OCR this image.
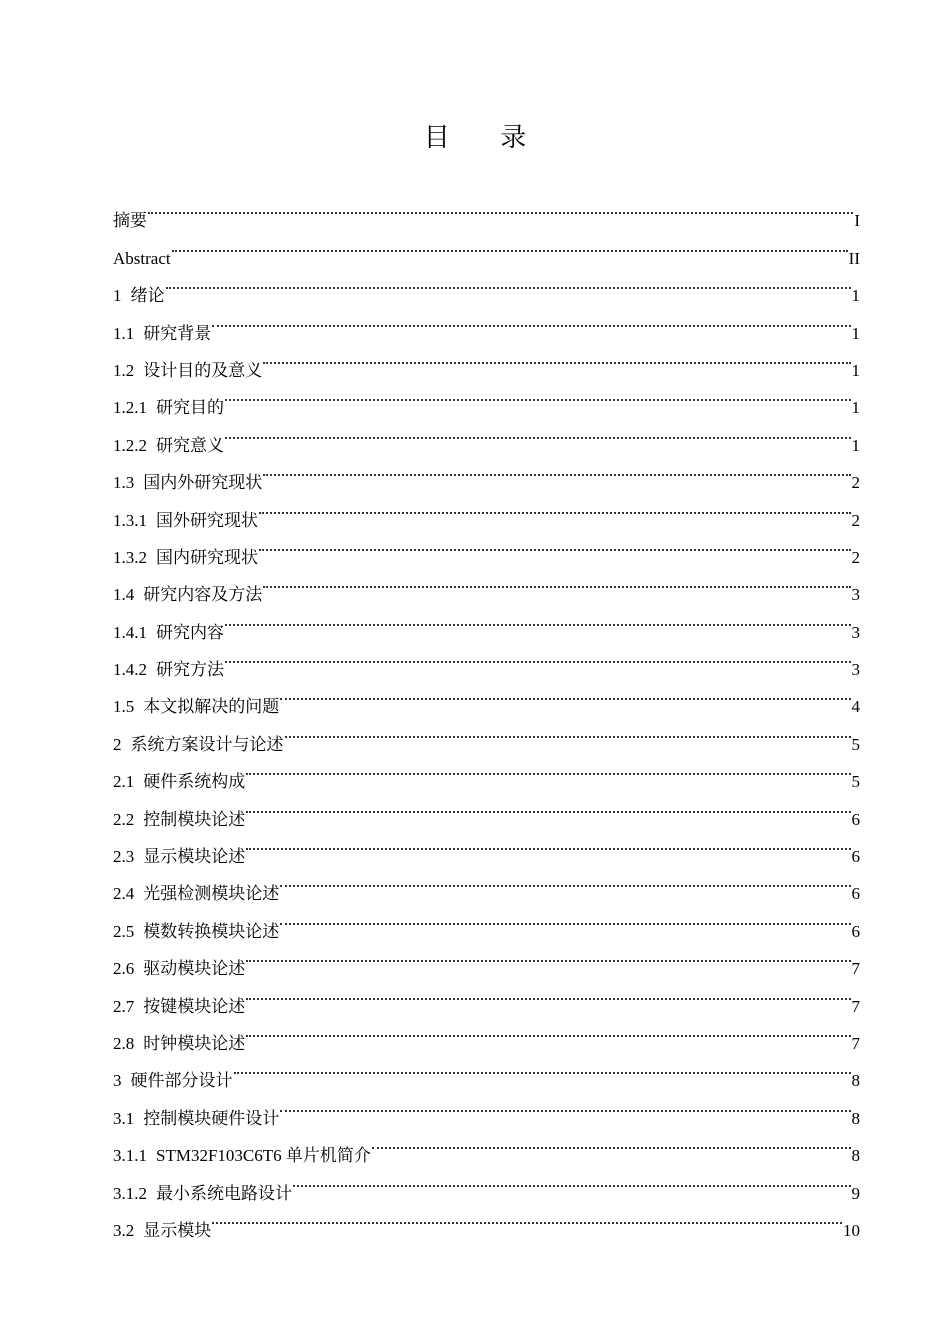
目 录
摘要	I
Abstract	II
1 绪论	1
1.1 研究背景	1
1.2 设计目的及意义	1
1.2.1 研究目的	1
1.2.2 研究意义	1
1.3 国内外研究现状	2
1.3.1 国外研究现状	2
1.3.2 国内研究现状	2
1.4 研究内容及方法	3
1.4.1 研究内容	3
1.4.2 研究方法	3
1.5 本文拟解决的问题	4
2 系统方案设计与论述	5
2.1 硬件系统构成	5
2.2 控制模块论述	6
2.3 显示模块论述	6
2.4 光强检测模块论述	6
2.5 模数转换模块论述	6
2.6 驱动模块论述	7
2.7 按键模块论述	7
2.8 时钟模块论述	7
3 硬件部分设计	8
3.1 控制模块硬件设计	8
3.1.1 STM32F103C6T6 单片机简介	8
3.1.2 最小系统电路设计	9
3.2 显示模块	10
